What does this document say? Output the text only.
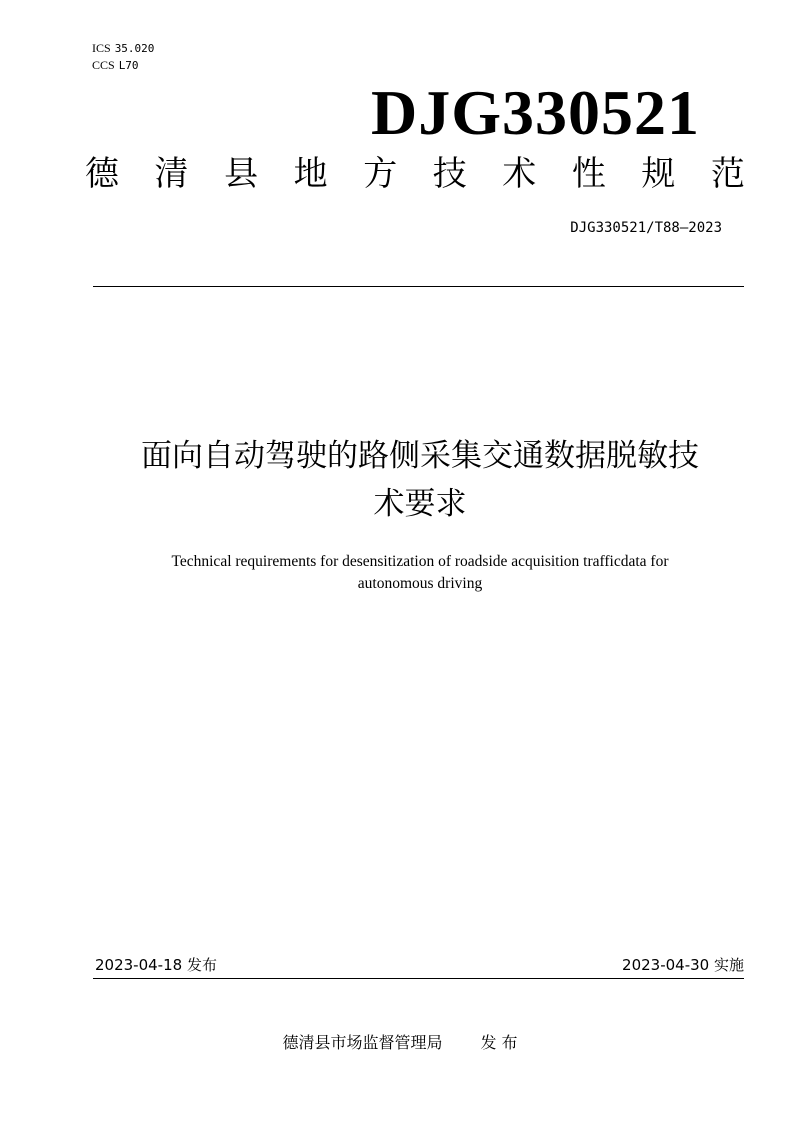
ICS 35.020
CCS L70
DJG330521
德 清 县 地 方 技 术 性 规 范
DJG330521/T88—2023
面向自动驾驶的路侧采集交通数据脱敏技
术要求
Technical requirements for desensitization of roadside acquisition trafficdata for
autonomous driving
2023-04-18 发布	2023-04-30 实施
德清县市场监督管理局 发 布
